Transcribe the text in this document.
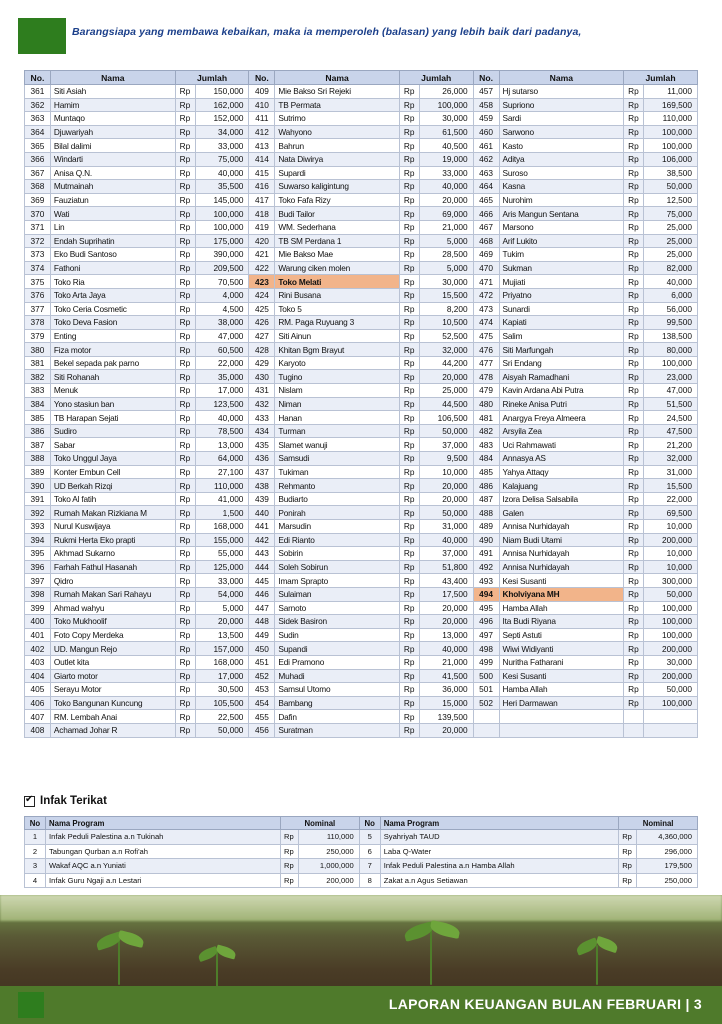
Barangsiapa yang membawa kebaikan, maka ia memperoleh (balasan) yang lebih baik dari padanya,
No.	Nama	Jumlah		No.	Nama	Jumlah		No.	Nama	Jumlah	
361	Siti Asiah	Rp	150,000	409	Mie Bakso Sri Rejeki	Rp	26,000	457	Hj sutarso	Rp	11,000
362	Hamim	Rp	162,000	410	TB Permata	Rp	100,000	458	Supriono	Rp	169,500
363	Muntaqo	Rp	152,000	411	Sutrimo	Rp	30,000	459	Sardi	Rp	110,000
364	Djuwariyah	Rp	34,000	412	Wahyono	Rp	61,500	460	Sarwono	Rp	100,000
365	Bilal dalimi	Rp	33,000	413	Bahrun	Rp	40,500	461	Kasto	Rp	100,000
366	Windarti	Rp	75,000	414	Nata Diwirya	Rp	19,000	462	Aditya	Rp	106,000
367	Anisa Q.N.	Rp	40,000	415	Supardi	Rp	33,000	463	Suroso	Rp	38,500
368	Mutmainah	Rp	35,500	416	Suwarso kaligintung	Rp	40,000	464	Kasna	Rp	50,000
369	Fauziatun	Rp	145,000	417	Toko Fafa Rizy	Rp	20,000	465	Nurohim	Rp	12,500
370	Wati	Rp	100,000	418	Budi Tailor	Rp	69,000	466	Aris Mangun Sentana	Rp	75,000
371	Lin	Rp	100,000	419	WM. Sederhana	Rp	21,000	467	Marsono	Rp	25,000
372	Endah Suprihatin	Rp	175,000	420	TB SM Perdana 1	Rp	5,000	468	Arif Lukito	Rp	25,000
373	Eko Budi Santoso	Rp	390,000	421	Mie Bakso Mae	Rp	28,500	469	Tukim	Rp	25,000
374	Fathoni	Rp	209,500	422	Warung ciken molen	Rp	5,000	470	Sukman	Rp	82,000
375	Toko Ria	Rp	70,500	423	Toko Melati	Rp	30,000	471	Mujiati	Rp	40,000
376	Toko Arta Jaya	Rp	4,000	424	Rini Busana	Rp	15,500	472	Priyatno	Rp	6,000
377	Toko Ceria Cosmetic	Rp	4,500	425	Toko 5	Rp	8,200	473	Sunardi	Rp	56,000
378	Toko Deva Fasion	Rp	38,000	426	RM. Paga Ruyuang 3	Rp	10,500	474	Kapiati	Rp	99,500
379	Enting	Rp	47,000	427	Siti Ainun	Rp	52,500	475	Salim	Rp	138,500
380	Fiza motor	Rp	60,500	428	Khitan Bgm Brayut	Rp	32,000	476	Siti Marfungah	Rp	80,000
381	Bekel sepada pak parno	Rp	22,000	429	Karyoto	Rp	44,200	477	Sri Endang	Rp	100,000
382	Siti Rohanah	Rp	35,000	430	Tugino	Rp	20,000	478	Aisyah Ramadhani	Rp	23,000
383	Menuk	Rp	17,000	431	Nislam	Rp	25,000	479	Kavin Ardana Abi Putra	Rp	47,000
384	Yono stasiun ban	Rp	123,500	432	Niman	Rp	44,500	480	Rineke Anisa Putri	Rp	51,500
385	TB Harapan Sejati	Rp	40,000	433	Hanan	Rp	106,500	481	Anargya Freya Almeera	Rp	24,500
386	Sudiro	Rp	78,500	434	Turman	Rp	50,000	482	Arsyila Zea	Rp	47,500
387	Sabar	Rp	13,000	435	Slamet wanuji	Rp	37,000	483	Uci Rahmawati	Rp	21,200
388	Toko Unggul Jaya	Rp	64,000	436	Samsudi	Rp	9,500	484	Annasya AS	Rp	32,000
389	Konter Embun Cell	Rp	27,100	437	Tukiman	Rp	10,000	485	Yahya Attaqy	Rp	31,000
390	UD Berkah Rizqi	Rp	110,000	438	Rehmanto	Rp	20,000	486	Kalajuang	Rp	15,500
391	Toko Al fatih	Rp	41,000	439	Budiarto	Rp	20,000	487	Izora Delisa Salsabila	Rp	22,000
392	Rumah Makan Rizkiana M	Rp	1,500	440	Ponirah	Rp	50,000	488	Galen	Rp	69,500
393	Nurul Kuswijaya	Rp	168,000	441	Marsudin	Rp	31,000	489	Annisa Nurhidayah	Rp	10,000
394	Rukmi Herta Eko prapti	Rp	155,000	442	Edi Rianto	Rp	40,000	490	Niam Budi Utami	Rp	200,000
395	Akhmad Sukarno	Rp	55,000	443	Sobirin	Rp	37,000	491	Annisa Nurhidayah	Rp	10,000
396	Farhah Fathul Hasanah	Rp	125,000	444	Soleh Sobirun	Rp	51,800	492	Annisa Nurhidayah	Rp	10,000
397	Qidro	Rp	33,000	445	Imam Sprapto	Rp	43,400	493	Kesi Susanti	Rp	300,000
398	Rumah Makan Sari Rahayu	Rp	54,000	446	Sulaiman	Rp	17,500	494	Kholviyana MH	Rp	50,000
399	Ahmad wahyu	Rp	5,000	447	Sarnoto	Rp	20,000	495	Hamba Allah	Rp	100,000
400	Toko Mukhoolif	Rp	20,000	448	Sidek Basiron	Rp	20,000	496	Ita Budi Riyana	Rp	100,000
401	Foto Copy Merdeka	Rp	13,500	449	Sudin	Rp	13,000	497	Septi Astuti	Rp	100,000
402	UD. Mangun Rejo	Rp	157,000	450	Supandi	Rp	40,000	498	Wiwi Widiyanti	Rp	200,000
403	Outlet kita	Rp	168,000	451	Edi Pramono	Rp	21,000	499	Nuritha Fatharani	Rp	30,000
404	Giarto motor	Rp	17,000	452	Muhadi	Rp	41,500	500	Kesi Susanti	Rp	200,000
405	Serayu Motor	Rp	30,500	453	Samsul Utomo	Rp	36,000	501	Hamba Allah	Rp	50,000
406	Toko Bangunan Kuncung	Rp	105,500	454	Bambang	Rp	15,000	502	Heri Darmawan	Rp	100,000
407	RM. Lembah Anai	Rp	22,500	455	Dafin	Rp	139,500				
408	Achamad Johar R	Rp	50,000	456	Suratman	Rp	20,000				
✔
Infak Terikat
No	Nama Program	Nominal		No	Nama Program	Nominal	
1	Infak Peduli Palestina a.n Tukinah	Rp	110,000	5	Syahriyah TAUD	Rp	4,360,000
2	Tabungan Qurban a.n Rofi'ah	Rp	250,000	6	Laba Q-Water	Rp	296,000
3	Wakaf AQC a.n Yuniati	Rp	1,000,000	7	Infak Peduli Palestina a.n Hamba Allah	Rp	179,500
4	Infak Guru Ngaji a.n Lestari	Rp	200,000	8	Zakat a.n Agus Setiawan	Rp	250,000
LAPORAN KEUANGAN BULAN FEBRUARI | 3
